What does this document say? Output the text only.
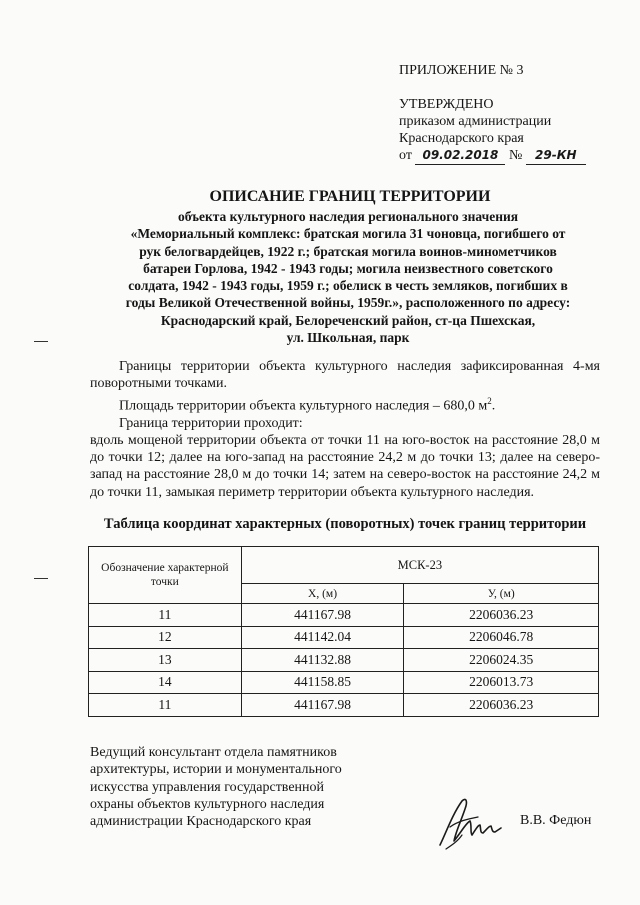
ПРИЛОЖЕНИЕ № 3
УТВЕРЖДЕНО
приказом администрации
Краснодарского края
от 09.02.2018 № 29-КН
ОПИСАНИЕ ГРАНИЦ ТЕРРИТОРИИ
объекта культурного наследия регионального значения
«Мемориальный комплекс: братская могила 31 чоновца, погибшего от
рук белогвардейцев, 1922 г.; братская могила воинов-минометчиков
батареи Горлова, 1942 - 1943 годы; могила неизвестного советского
солдата, 1942 - 1943 годы, 1959 г.; обелиск в честь земляков, погибших в
годы Великой Отечественной войны, 1959г.», расположенного по адресу:
Краснодарский край, Белореченский район, ст-ца Пшехская,
ул. Школьная, парк

Границы территории объекта культурного наследия зафиксированная 4-мя поворотными точками.

Площадь территории объекта культурного наследия – 680,0 $м^2$.

Граница территории проходит:

вдоль мощеной территории объекта от точки 11 на юго-восток на расстояние 28,0 м до точки 12; далее на юго-запад на расстояние 24,2 м до точки 13; далее на северо-запад на расстояние 28,0 м до точки 14; затем на северо-восток на расстояние 24,2 м до точки 11, замыкая периметр территории объекта культурного наследия.

Таблица координат характерных (поворотных) точек границ территории
Обозначение характерной точки	МСК-23	
	X, (м)	У, (м)
11	441167.98	2206036.23
12	441142.04	2206046.78
13	441132.88	2206024.35
14	441158.85	2206013.73
11	441167.98	2206036.23
Ведущий консультант отдела памятников
архитектуры, истории и монументального
искусства управления государственной
охраны объектов культурного наследия
администрации Краснодарского края	В.В. Федюн
